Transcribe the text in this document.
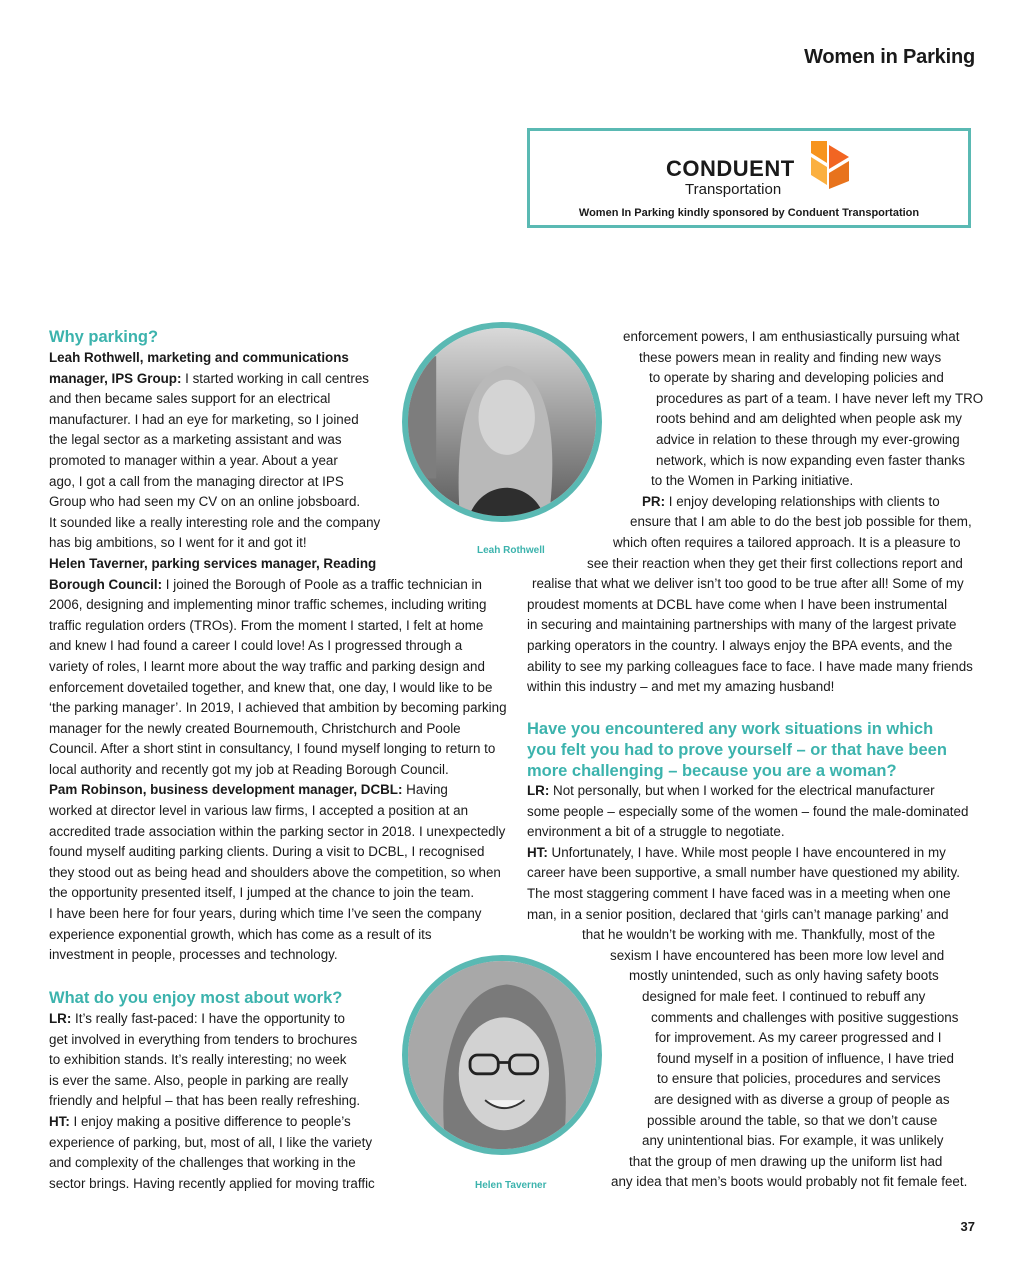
Women in Parking
CONDUENT
Transportation
Women In Parking kindly sponsored by Conduent Transportation
Why parking?

Leah Rothwell, marketing and communications

manager, IPS Group: I started working in call centres

and then became sales support for an electrical

manufacturer. I had an eye for marketing, so I joined

the legal sector as a marketing assistant and was

promoted to manager within a year. About a year

ago, I got a call from the managing director at IPS

Group who had seen my CV on an online jobsboard.

It sounded like a really interesting role and the company

has big ambitions, so I went for it and got it!

Helen Taverner, parking services manager, Reading

Borough Council: I joined the Borough of Poole as a traffic technician in

2006, designing and implementing minor traffic schemes, including writing

traffic regulation orders (TROs). From the moment I started, I felt at home

and knew I had found a career I could love! As I progressed through a

variety of roles, I learnt more about the way traffic and parking design and

enforcement dovetailed together, and knew that, one day, I would like to be

‘the parking manager’. In 2019, I achieved that ambition by becoming parking

manager for the newly created Bournemouth, Christchurch and Poole

Council. After a short stint in consultancy, I found myself longing to return to

local authority and recently got my job at Reading Borough Council.

Pam Robinson, business development manager, DCBL: Having

worked at director level in various law firms, I accepted a position at an

accredited trade association within the parking sector in 2018. I unexpectedly

found myself auditing parking clients. During a visit to DCBL, I recognised

they stood out as being head and shoulders above the competition, so when

the opportunity presented itself, I jumped at the chance to join the team.

I have been here for four years, during which time I’ve seen the company

experience exponential growth, which has come as a result of its

investment in people, processes and technology.

What do you enjoy most about work?

LR: It’s really fast-paced: I have the opportunity to

get involved in everything from tenders to brochures

to exhibition stands. It’s really interesting; no week

is ever the same. Also, people in parking are really

friendly and helpful – that has been really refreshing.

HT: I enjoy making a positive difference to people’s

experience of parking, but, most of all, I like the variety

and complexity of the challenges that working in the

sector brings. Having recently applied for moving traffic

enforcement powers, I am enthusiastically pursuing what

these powers mean in reality and finding new ways

to operate by sharing and developing policies and

procedures as part of a team. I have never left my TRO

roots behind and am delighted when people ask my

advice in relation to these through my ever-growing

network, which is now expanding even faster thanks

to the Women in Parking initiative.

PR: I enjoy developing relationships with clients to

ensure that I am able to do the best job possible for them,

which often requires a tailored approach. It is a pleasure to

see their reaction when they get their first collections report and

realise that what we deliver isn’t too good to be true after all! Some of my

proudest moments at DCBL have come when I have been instrumental

in securing and maintaining partnerships with many of the largest private

parking operators in the country. I always enjoy the BPA events, and the

ability to see my parking colleagues face to face. I have made many friends

within this industry – and met my amazing husband!

Have you encountered any work situations in which
you felt you had to prove yourself – or that have been
more challenging – because you are a woman?

LR: Not personally, but when I worked for the electrical manufacturer

some people – especially some of the women – found the male-dominated

environment a bit of a struggle to negotiate.

HT: Unfortunately, I have. While most people I have encountered in my

career have been supportive, a small number have questioned my ability.

The most staggering comment I have faced was in a meeting when one

man, in a senior position, declared that ‘girls can’t manage parking’ and

that he wouldn’t be working with me. Thankfully, most of the

sexism I have encountered has been more low level and

mostly unintended, such as only having safety boots

designed for male feet. I continued to rebuff any

comments and challenges with positive suggestions

for improvement. As my career progressed and I

found myself in a position of influence, I have tried

to ensure that policies, procedures and services

are designed with as diverse a group of people as

possible around the table, so that we don’t cause

any unintentional bias. For example, it was unlikely

that the group of men drawing up the uniform list had

any idea that men’s boots would probably not fit female feet.

Leah Rothwell
Helen Taverner
37
